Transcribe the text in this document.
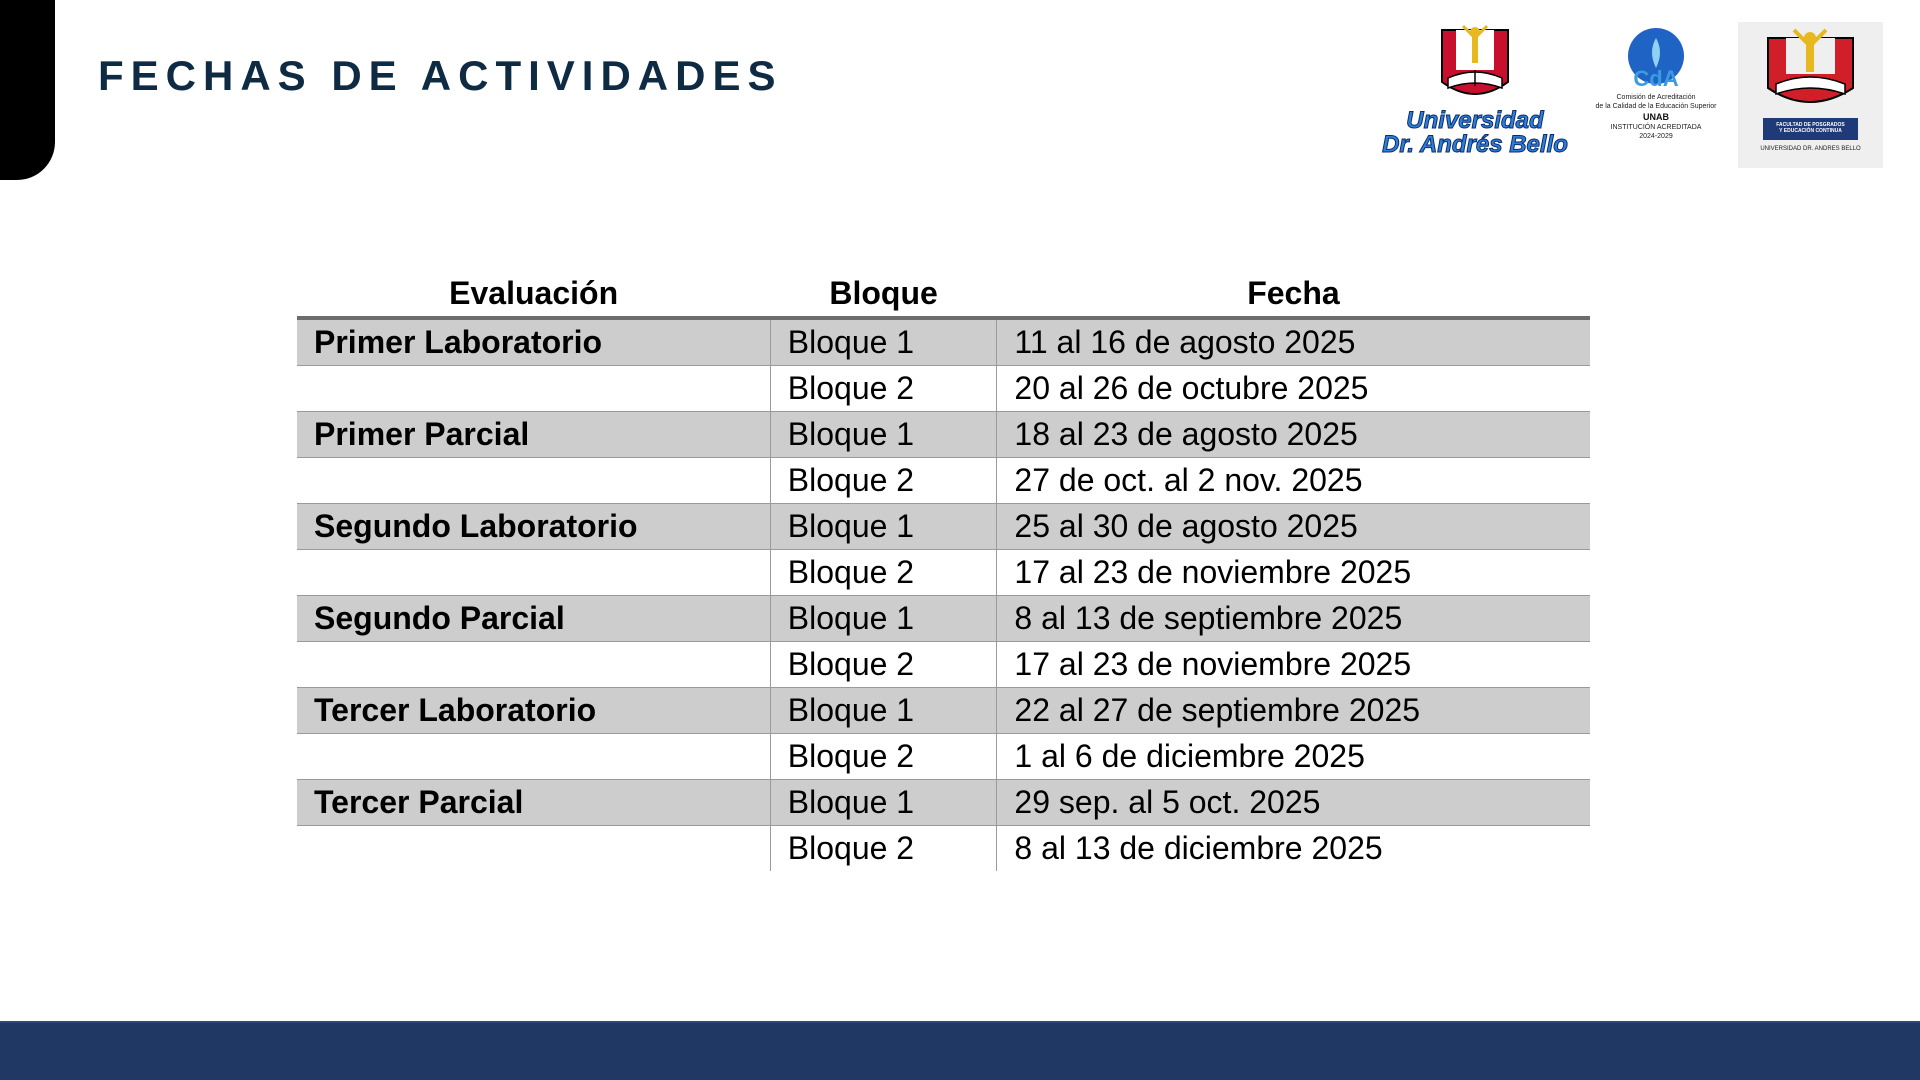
FECHAS DE ACTIVIDADES
Universidad
Dr. Andrés Bello
CdA
Comisión de Acreditación
de la Calidad de la Educación Superior
UNAB
INSTITUCIÓN ACREDITADA
2024-2029
FACULTAD DE POSGRADOS
Y EDUCACIÓN CONTINUA
UNIVERSIDAD DR. ANDRES BELLO
Evaluación	Bloque	Fecha
Primer Laboratorio	Bloque 1	11 al 16 de agosto 2025
	Bloque 2	20 al 26 de octubre 2025
Primer Parcial	Bloque 1	18 al 23 de agosto 2025
	Bloque 2	27 de oct. al 2 nov. 2025
Segundo Laboratorio	Bloque 1	25 al 30 de agosto 2025
	Bloque 2	17 al 23 de noviembre 2025
Segundo Parcial	Bloque 1	8 al 13 de septiembre 2025
	Bloque 2	17 al 23 de noviembre 2025
Tercer Laboratorio	Bloque 1	22 al 27 de septiembre 2025
	Bloque 2	1 al 6 de diciembre 2025
Tercer Parcial	Bloque 1	29 sep. al 5 oct. 2025
	Bloque 2	8 al 13 de diciembre 2025
